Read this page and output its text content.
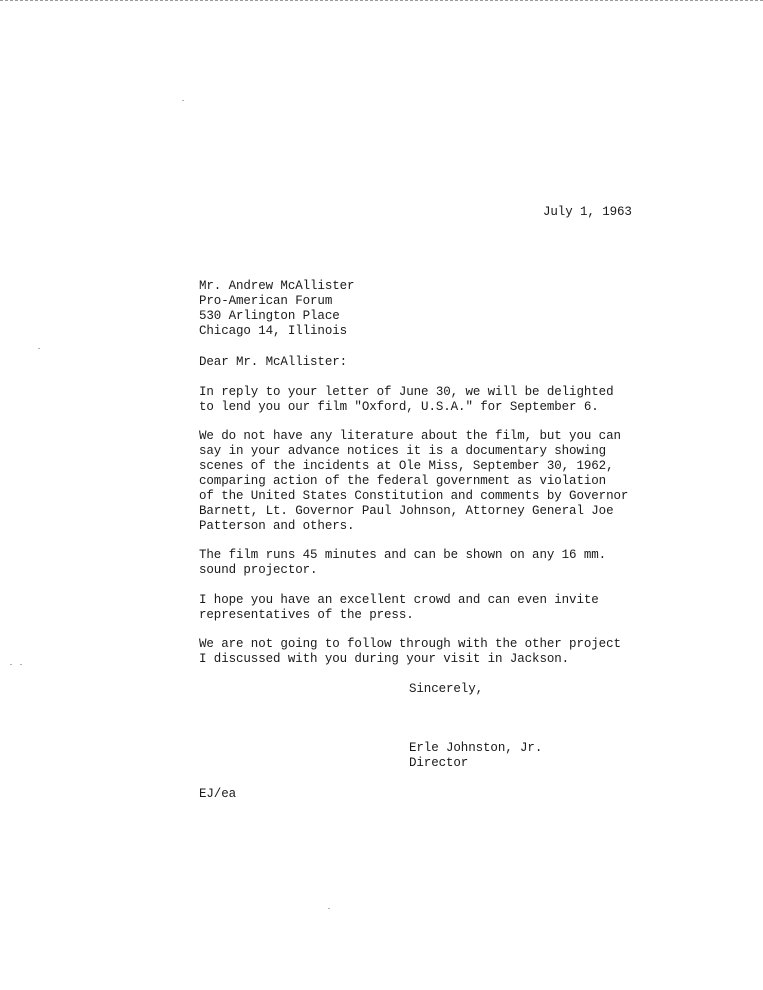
July 1, 1963
Mr. Andrew McAllister
Pro-American Forum
530 Arlington Place
Chicago 14, Illinois
Dear Mr. McAllister:
In reply to your letter of June 30, we will be delighted
to lend you our film "Oxford, U.S.A." for September 6.
We do not have any literature about the film, but you can
say in your advance notices it is a documentary showing
scenes of the incidents at Ole Miss, September 30, 1962,
comparing action of the federal government as violation
of the United States Constitution and comments by Governor
Barnett, Lt. Governor Paul Johnson, Attorney General Joe
Patterson and others.
The film runs 45 minutes and can be shown on any 16 mm.
sound projector.
I hope you have an excellent crowd and can even invite
representatives of the press.
We are not going to follow through with the other project
I discussed with you during your visit in Jackson.
Sincerely,
Erle Johnston, Jr.
Director
EJ/ea
